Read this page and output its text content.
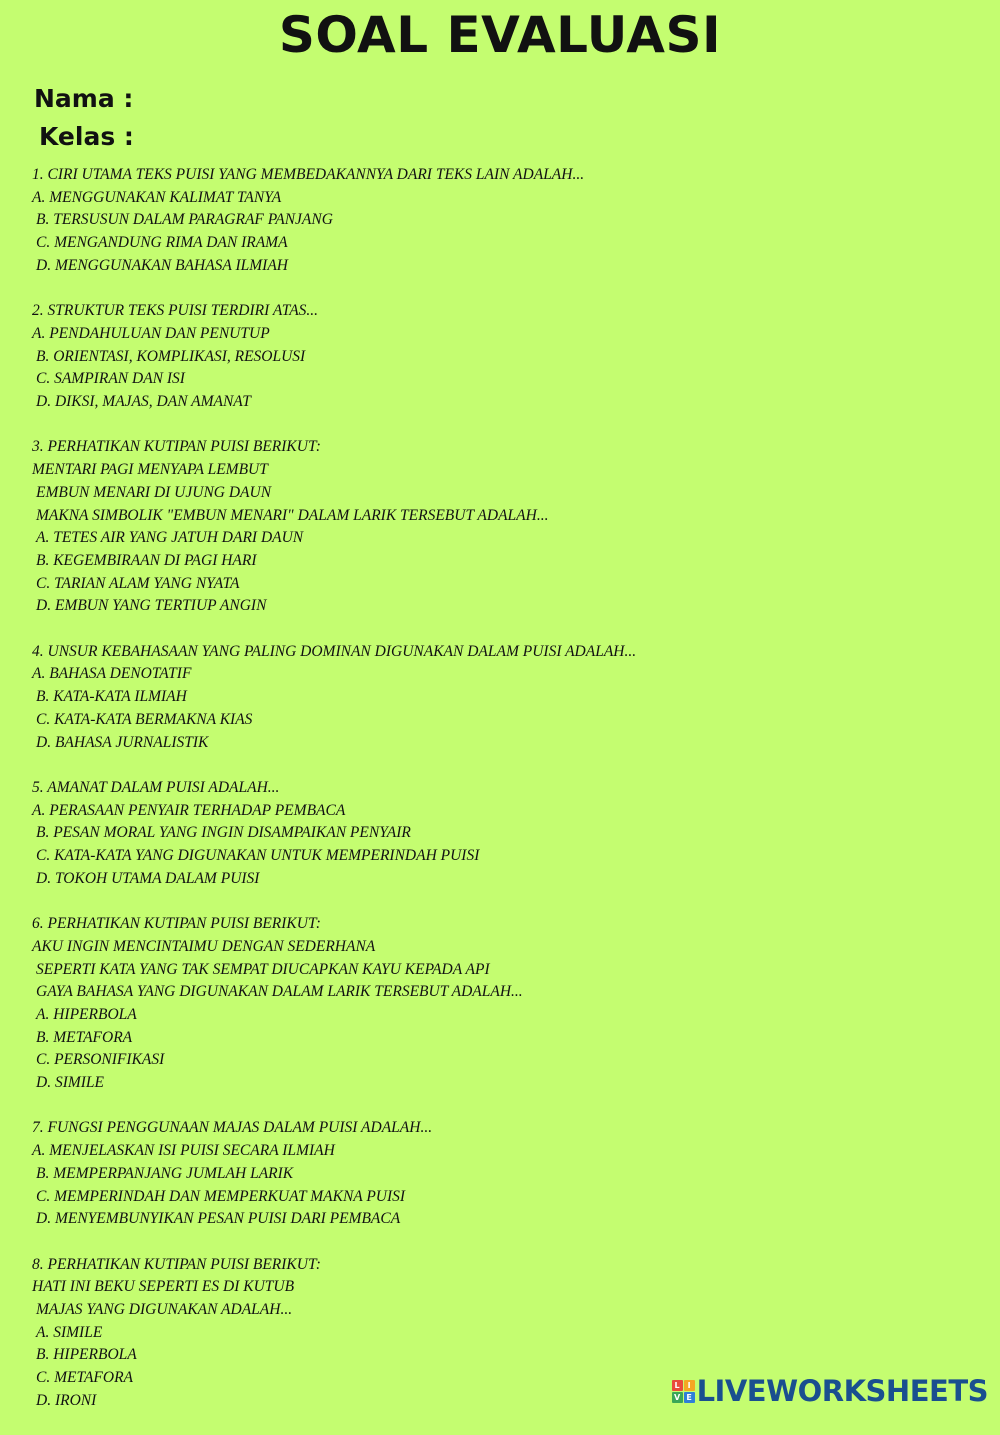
SOAL EVALUASI
Nama :
Kelas :
1. CIRI UTAMA TEKS PUISI YANG MEMBEDAKANNYA DARI TEKS LAIN ADALAH...
A. MENGGUNAKAN KALIMAT TANYA
B. TERSUSUN DALAM PARAGRAF PANJANG
C. MENGANDUNG RIMA DAN IRAMA
D. MENGGUNAKAN BAHASA ILMIAH
2. STRUKTUR TEKS PUISI TERDIRI ATAS...
A. PENDAHULUAN DAN PENUTUP
B. ORIENTASI, KOMPLIKASI, RESOLUSI
C. SAMPIRAN DAN ISI
D. DIKSI, MAJAS, DAN AMANAT
3. PERHATIKAN KUTIPAN PUISI BERIKUT:
MENTARI PAGI MENYAPA LEMBUT
EMBUN MENARI DI UJUNG DAUN
MAKNA SIMBOLIK "EMBUN MENARI" DALAM LARIK TERSEBUT ADALAH...
A. TETES AIR YANG JATUH DARI DAUN
B. KEGEMBIRAAN DI PAGI HARI
C. TARIAN ALAM YANG NYATA
D. EMBUN YANG TERTIUP ANGIN
4. UNSUR KEBAHASAAN YANG PALING DOMINAN DIGUNAKAN DALAM PUISI ADALAH...
A. BAHASA DENOTATIF
B. KATA-KATA ILMIAH
C. KATA-KATA BERMAKNA KIAS
D. BAHASA JURNALISTIK
5. AMANAT DALAM PUISI ADALAH...
A. PERASAAN PENYAIR TERHADAP PEMBACA
B. PESAN MORAL YANG INGIN DISAMPAIKAN PENYAIR
C. KATA-KATA YANG DIGUNAKAN UNTUK MEMPERINDAH PUISI
D. TOKOH UTAMA DALAM PUISI
6. PERHATIKAN KUTIPAN PUISI BERIKUT:
AKU INGIN MENCINTAIMU DENGAN SEDERHANA
SEPERTI KATA YANG TAK SEMPAT DIUCAPKAN KAYU KEPADA API
GAYA BAHASA YANG DIGUNAKAN DALAM LARIK TERSEBUT ADALAH...
A. HIPERBOLA
B. METAFORA
C. PERSONIFIKASI
D. SIMILE
7. FUNGSI PENGGUNAAN MAJAS DALAM PUISI ADALAH...
A. MENJELASKAN ISI PUISI SECARA ILMIAH
B. MEMPERPANJANG JUMLAH LARIK
C. MEMPERINDAH DAN MEMPERKUAT MAKNA PUISI
D. MENYEMBUNYIKAN PESAN PUISI DARI PEMBACA
8. PERHATIKAN KUTIPAN PUISI BERIKUT:
HATI INI BEKU SEPERTI ES DI KUTUB
MAJAS YANG DIGUNAKAN ADALAH...
A. SIMILE
B. HIPERBOLA
C. METAFORA
D. IRONI
L I
V E LIVEWORKSHEETS
